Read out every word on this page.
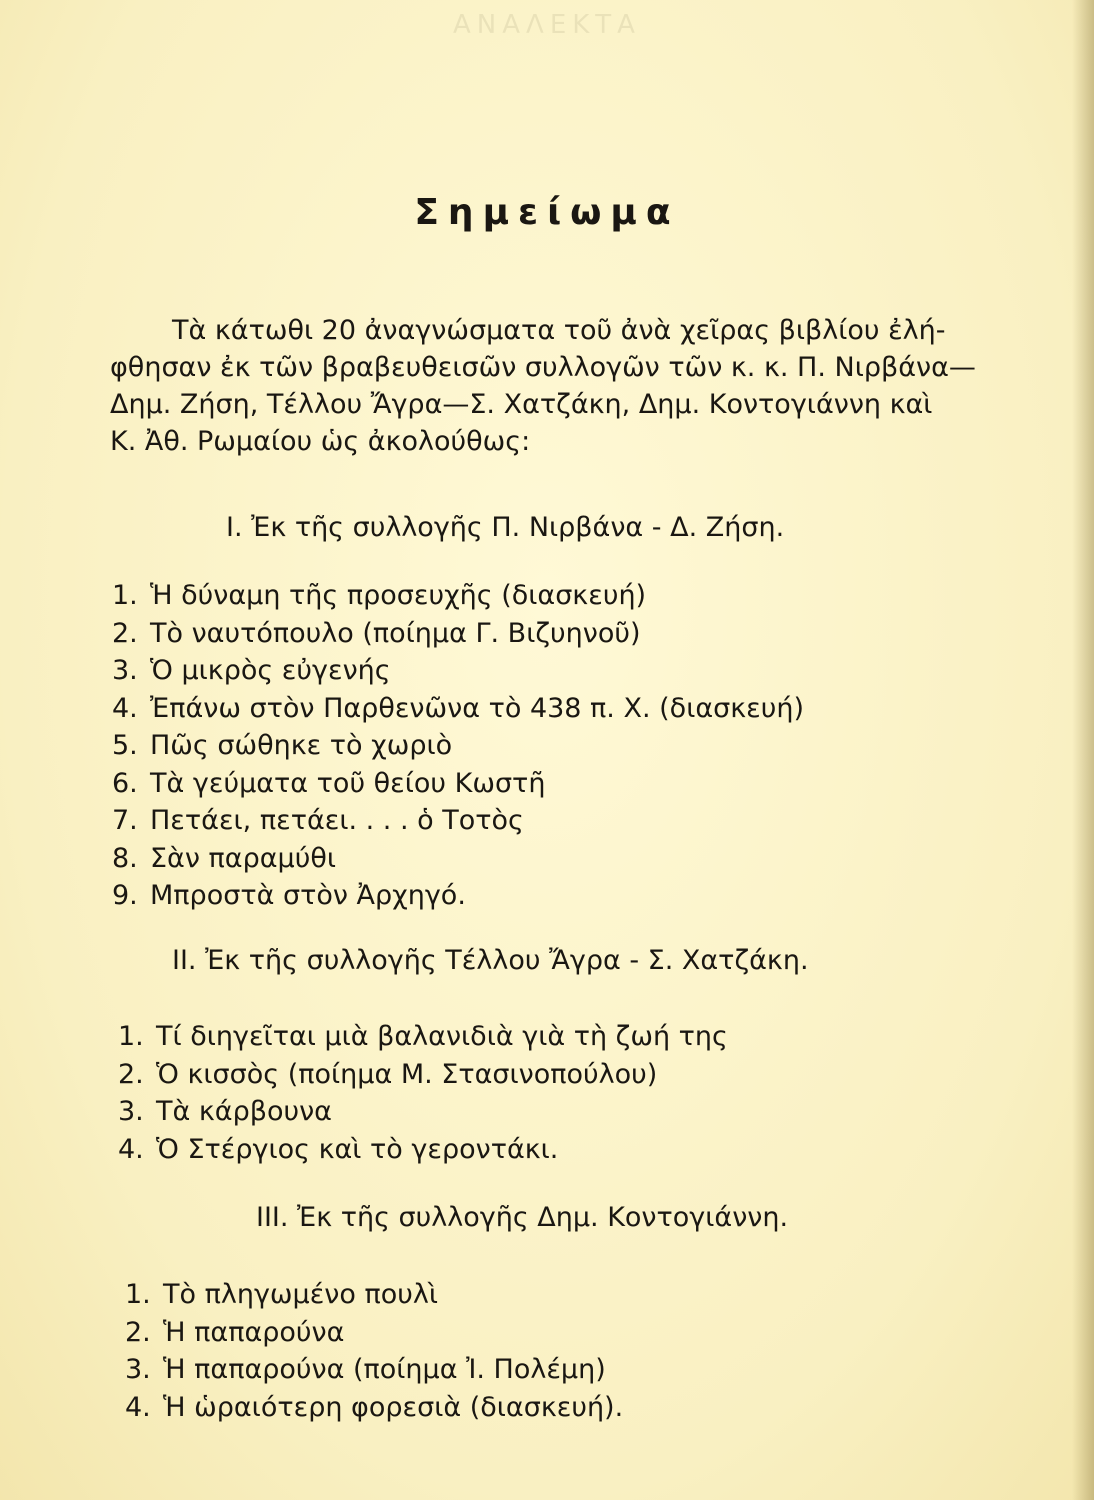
ΑΝΑΛΕΚΤΑ
Σημείωμα
Τὰ κάτωθι 20 ἀναγνώσματα τοῦ ἀνὰ χεῖρας βιβλίου ἐλή-
φθησαν ἐκ τῶν βραβευθεισῶν συλλογῶν τῶν κ. κ. Π. Νιρβάνα—
Δημ. Ζήση, Τέλλου Ἄγρα—Σ. Χατζάκη, Δημ. Κοντογιάννη καὶ
Κ. Ἀθ. Ρωμαίου ὡς ἀκολούθως:
I. Ἐκ τῆς συλλογῆς Π. Νιρβάνα - Δ. Ζήση.
1. Ἡ δύναμη τῆς προσευχῆς (διασκευή)
2. Τὸ ναυτόπουλο (ποίημα Γ. Βιζυηνοῦ)
3. Ὁ μικρὸς εὐγενής
4. Ἐπάνω στὸν Παρθενῶνα τὸ 438 π. Χ. (διασκευή)
5. Πῶς σώθηκε τὸ χωριὸ
6. Τὰ γεύματα τοῦ θείου Κωστῆ
7. Πετάει, πετάει. . . . ὁ Τοτὸς
8. Σὰν παραμύθι
9. Μπροστὰ στὸν Ἀρχηγό.
II. Ἐκ τῆς συλλογῆς Τέλλου Ἄγρα - Σ. Χατζάκη.
1. Τί διηγεῖται μιὰ βαλανιδιὰ γιὰ τὴ ζωή της
2. Ὁ κισσὸς (ποίημα Μ. Στασινοπούλου)
3. Τὰ κάρβουνα
4. Ὁ Στέργιος καὶ τὸ γεροντάκι.
III. Ἐκ τῆς συλλογῆς Δημ. Κοντογιάννη.
1. Τὸ πληγωμένο πουλὶ
2. Ἡ παπαρούνα
3. Ἡ παπαρούνα (ποίημα Ἰ. Πολέμη)
4. Ἡ ὡραιότερη φορεσιὰ (διασκευή).
